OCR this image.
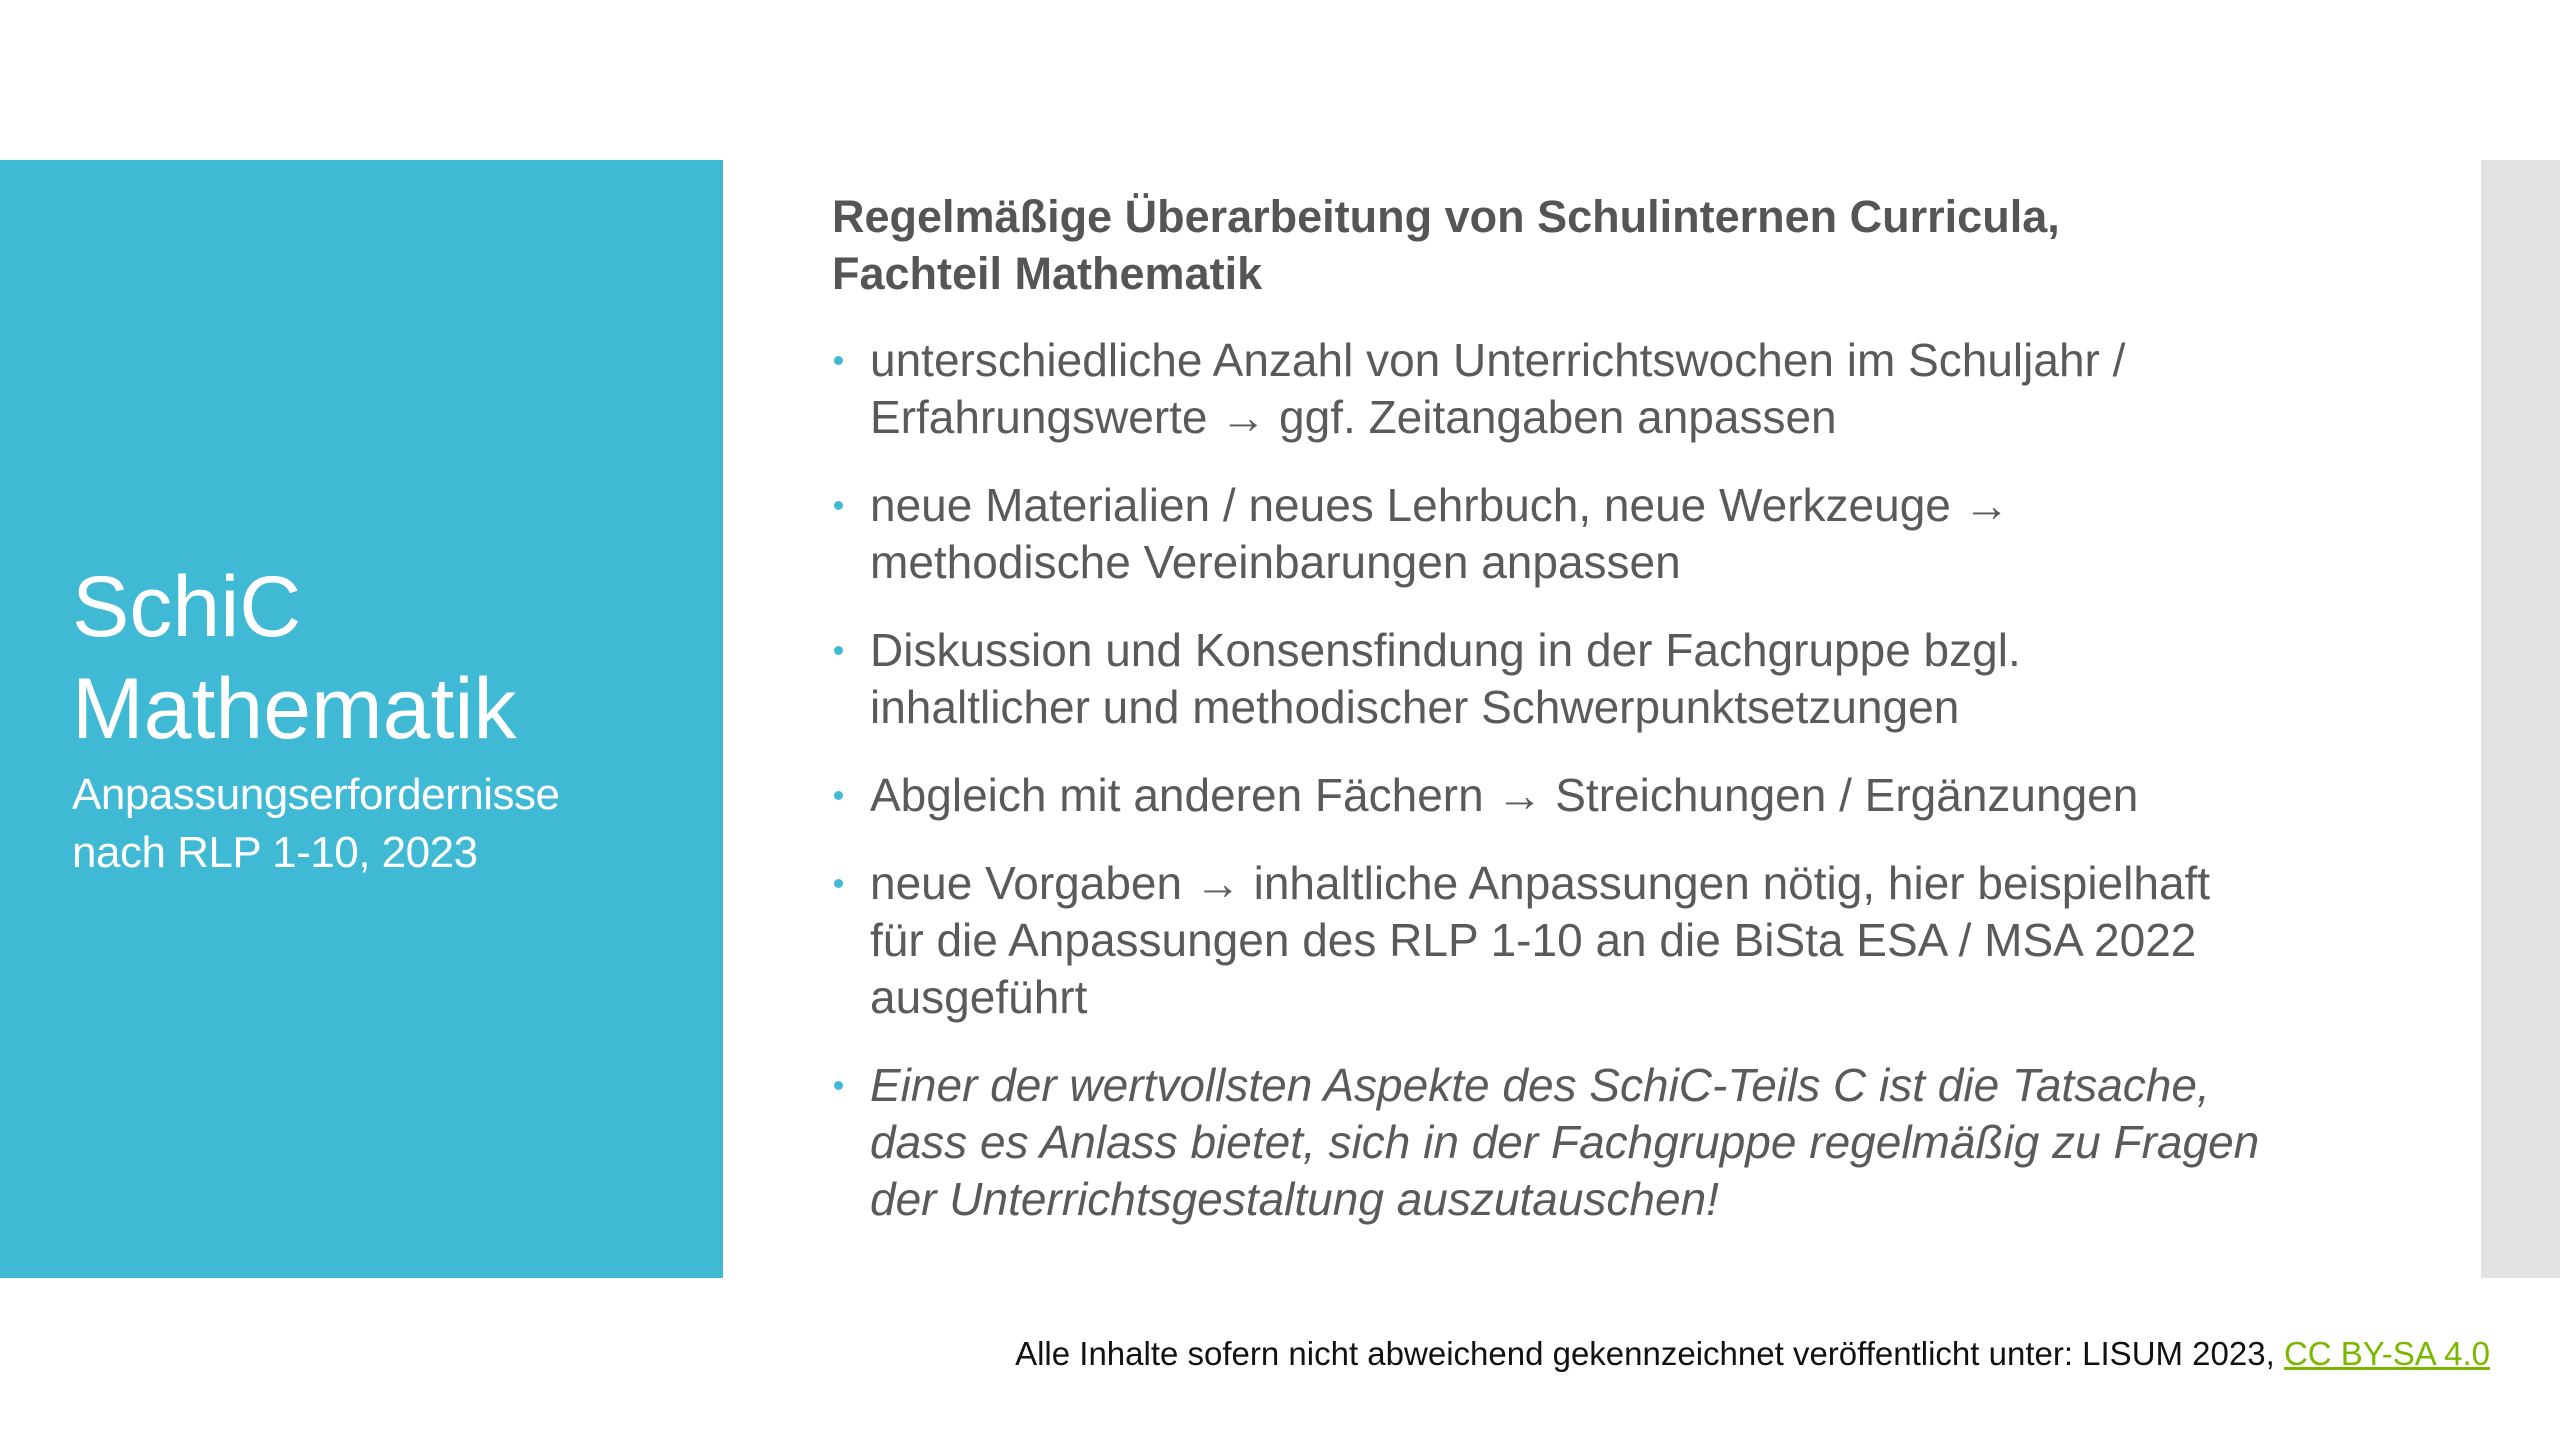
SchiC
Mathematik
Anpassungserfordernisse
nach RLP 1-10, 2023
Regelmäßige Überarbeitung von Schulinternen Curricula,
Fachteil Mathematik
unterschiedliche Anzahl von Unterrichtswochen im Schuljahr /
Erfahrungswerte → ggf. Zeitangaben anpassen
neue Materialien / neues Lehrbuch, neue Werkzeuge →
methodische Vereinbarungen anpassen
Diskussion und Konsensfindung in der Fachgruppe bzgl.
inhaltlicher und methodischer Schwerpunktsetzungen
Abgleich mit anderen Fächern → Streichungen / Ergänzungen
neue Vorgaben → inhaltliche Anpassungen nötig, hier beispielhaft
für die Anpassungen des RLP 1-10 an die BiSta ESA / MSA 2022
ausgeführt
Einer der wertvollsten Aspekte des SchiC-Teils C ist die Tatsache,
dass es Anlass bietet, sich in der Fachgruppe regelmäßig zu Fragen
der Unterrichtsgestaltung auszutauschen!
Alle Inhalte sofern nicht abweichend gekennzeichnet veröffentlicht unter: LISUM 2023, CC BY-SA 4.0
